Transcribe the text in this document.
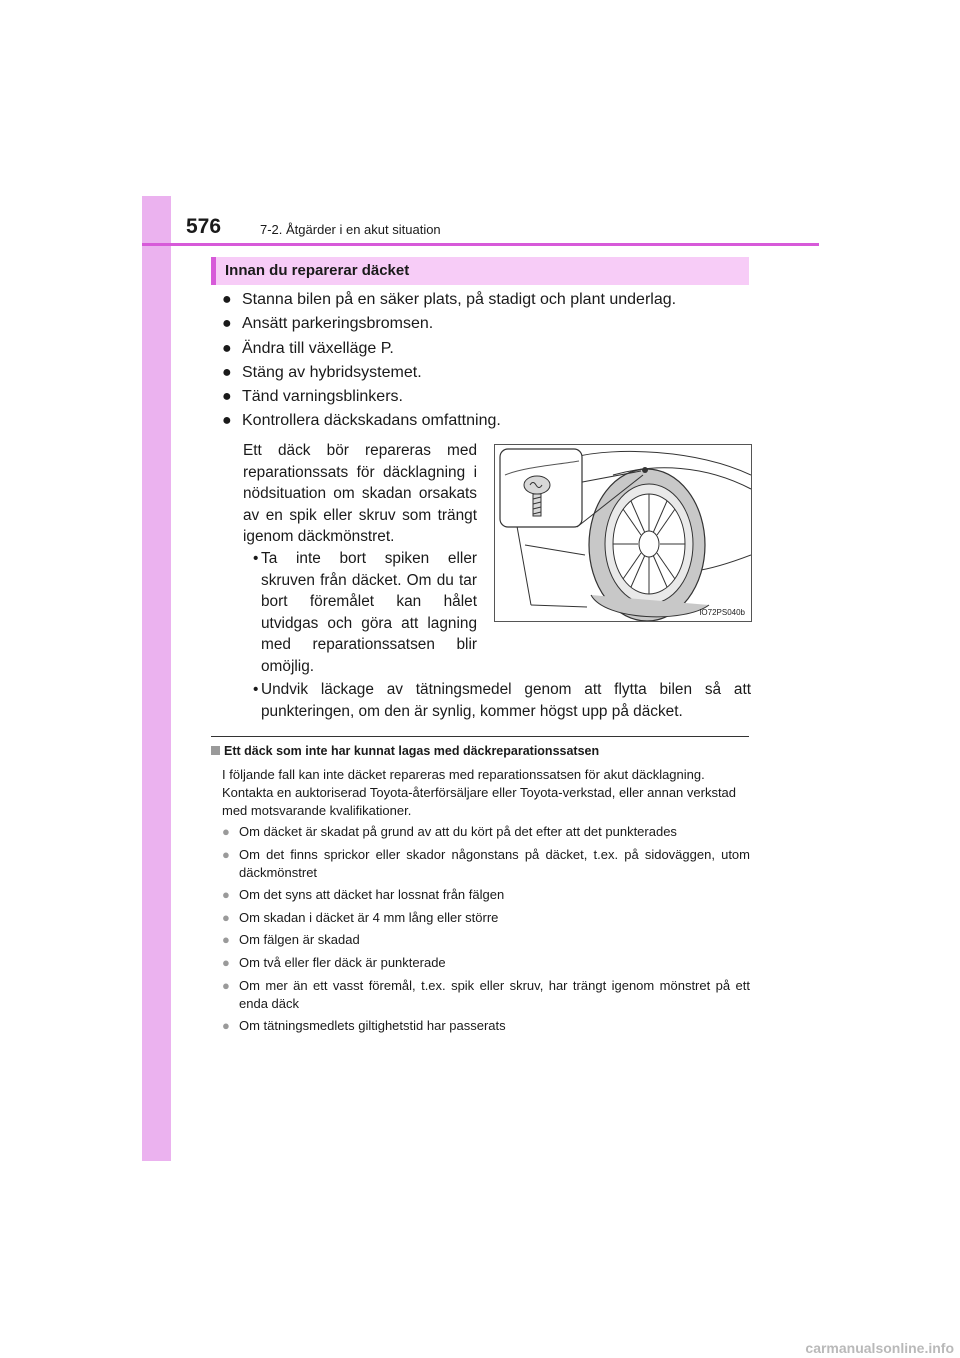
576	7-2. Åtgärder i en akut situation
Innan du reparerar däcket
● Stanna bilen på en säker plats, på stadigt och plant underlag.
● Ansätt parkeringsbromsen.
● Ändra till växelläge P.
● Stäng av hybridsystemet.
● Tänd varningsblinkers.
● Kontrollera däckskadans omfattning.

Ett däck bör repareras med reparationssats för däcklagning i nödsituation om skadan orsakats av en spik eller skruv som trängt igenom däckmönstret.

• Ta inte bort spiken eller skruven från däcket. Om du tar bort föremålet kan hålet utvidgas och göra att lagning med reparationssatsen blir omöjlig.
• Undvik läckage av tätningsmedel genom att flytta bilen så att punkteringen, om den är synlig, kommer högst upp på däcket.
IO72PS040b
Ett däck som inte har kunnat lagas med däckreparationssatsen

I följande fall kan inte däcket repareras med reparationssatsen för akut däcklagning. Kontakta en auktoriserad Toyota-återförsäljare eller Toyota-verkstad, eller annan verkstad med motsvarande kvalifikationer.

● Om däcket är skadat på grund av att du kört på det efter att det punkterades
● Om det finns sprickor eller skador någonstans på däcket, t.ex. på sidoväggen, utom däckmönstret
● Om det syns att däcket har lossnat från fälgen
● Om skadan i däcket är 4 mm lång eller större
● Om fälgen är skadad
● Om två eller fler däck är punkterade
● Om mer än ett vasst föremål, t.ex. spik eller skruv, har trängt igenom mönstret på ett enda däck
● Om tätningsmedlets giltighetstid har passerats
carmanualsonline.info
